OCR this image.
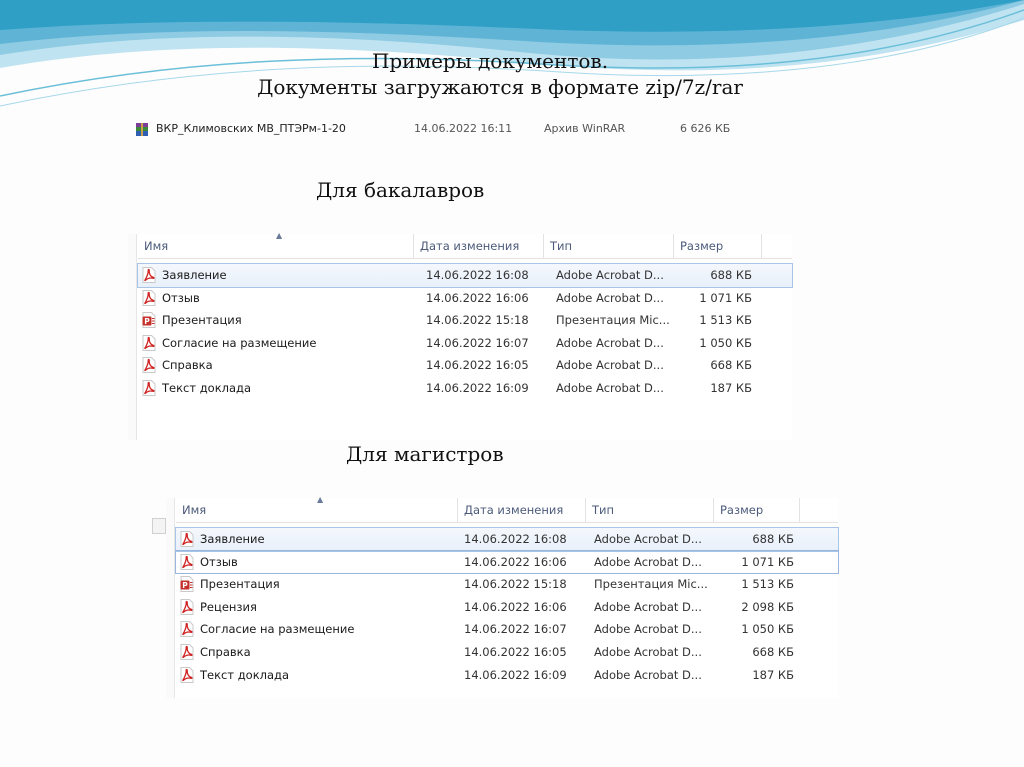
Примеры документов.
Документы загружаются в формате zip/7z/rar

ВКР_Климовских МВ_ПТЭРм-1-20	14.06.2022 16:11	Архив WinRAR	6 626 КБ
Для бакалавров
Имя
▲
Дата изменения	Тип	Размер
Заявление	14.06.2022 16:08 Adobe Acrobat D...	688 КБ
Отзыв	14.06.2022 16:06 Adobe Acrobat D...	1 071 КБ
P Презентация	14.06.2022 15:18 Презентация Mic...	1 513 КБ
Согласие на размещение	14.06.2022 16:07 Adobe Acrobat D...	1 050 КБ
Справка	14.06.2022 16:05 Adobe Acrobat D...	668 КБ
Текст доклада	14.06.2022 16:09 Adobe Acrobat D...	187 КБ
Для магистров
Имя
▲
Дата изменения	Тип	Размер
Заявление	14.06.2022 16:08 Adobe Acrobat D...	688 КБ
Отзыв	14.06.2022 16:06 Adobe Acrobat D...	1 071 КБ
P Презентация	14.06.2022 15:18 Презентация Mic...	1 513 КБ
Рецензия	14.06.2022 16:06 Adobe Acrobat D...	2 098 КБ
Согласие на размещение	14.06.2022 16:07 Adobe Acrobat D...	1 050 КБ
Справка	14.06.2022 16:05 Adobe Acrobat D...	668 КБ
Текст доклада	14.06.2022 16:09 Adobe Acrobat D...	187 КБ
